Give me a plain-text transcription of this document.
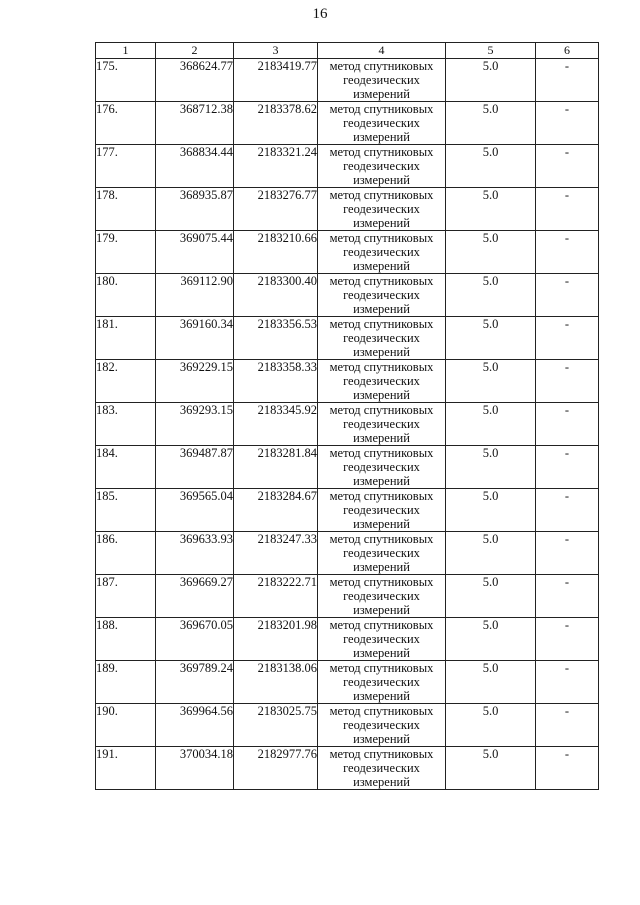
16
1	2	3	4	5	6
175.	368624.77	2183419.77	метод спутниковых
геодезических
измерений	5.0	-
176.	368712.38	2183378.62	метод спутниковых
геодезических
измерений	5.0	-
177.	368834.44	2183321.24	метод спутниковых
геодезических
измерений	5.0	-
178.	368935.87	2183276.77	метод спутниковых
геодезических
измерений	5.0	-
179.	369075.44	2183210.66	метод спутниковых
геодезических
измерений	5.0	-
180.	369112.90	2183300.40	метод спутниковых
геодезических
измерений	5.0	-
181.	369160.34	2183356.53	метод спутниковых
геодезических
измерений	5.0	-
182.	369229.15	2183358.33	метод спутниковых
геодезических
измерений	5.0	-
183.	369293.15	2183345.92	метод спутниковых
геодезических
измерений	5.0	-
184.	369487.87	2183281.84	метод спутниковых
геодезических
измерений	5.0	-
185.	369565.04	2183284.67	метод спутниковых
геодезических
измерений	5.0	-
186.	369633.93	2183247.33	метод спутниковых
геодезических
измерений	5.0	-
187.	369669.27	2183222.71	метод спутниковых
геодезических
измерений	5.0	-
188.	369670.05	2183201.98	метод спутниковых
геодезических
измерений	5.0	-
189.	369789.24	2183138.06	метод спутниковых
геодезических
измерений	5.0	-
190.	369964.56	2183025.75	метод спутниковых
геодезических
измерений	5.0	-
191.	370034.18	2182977.76	метод спутниковых
геодезических
измерений	5.0	-
